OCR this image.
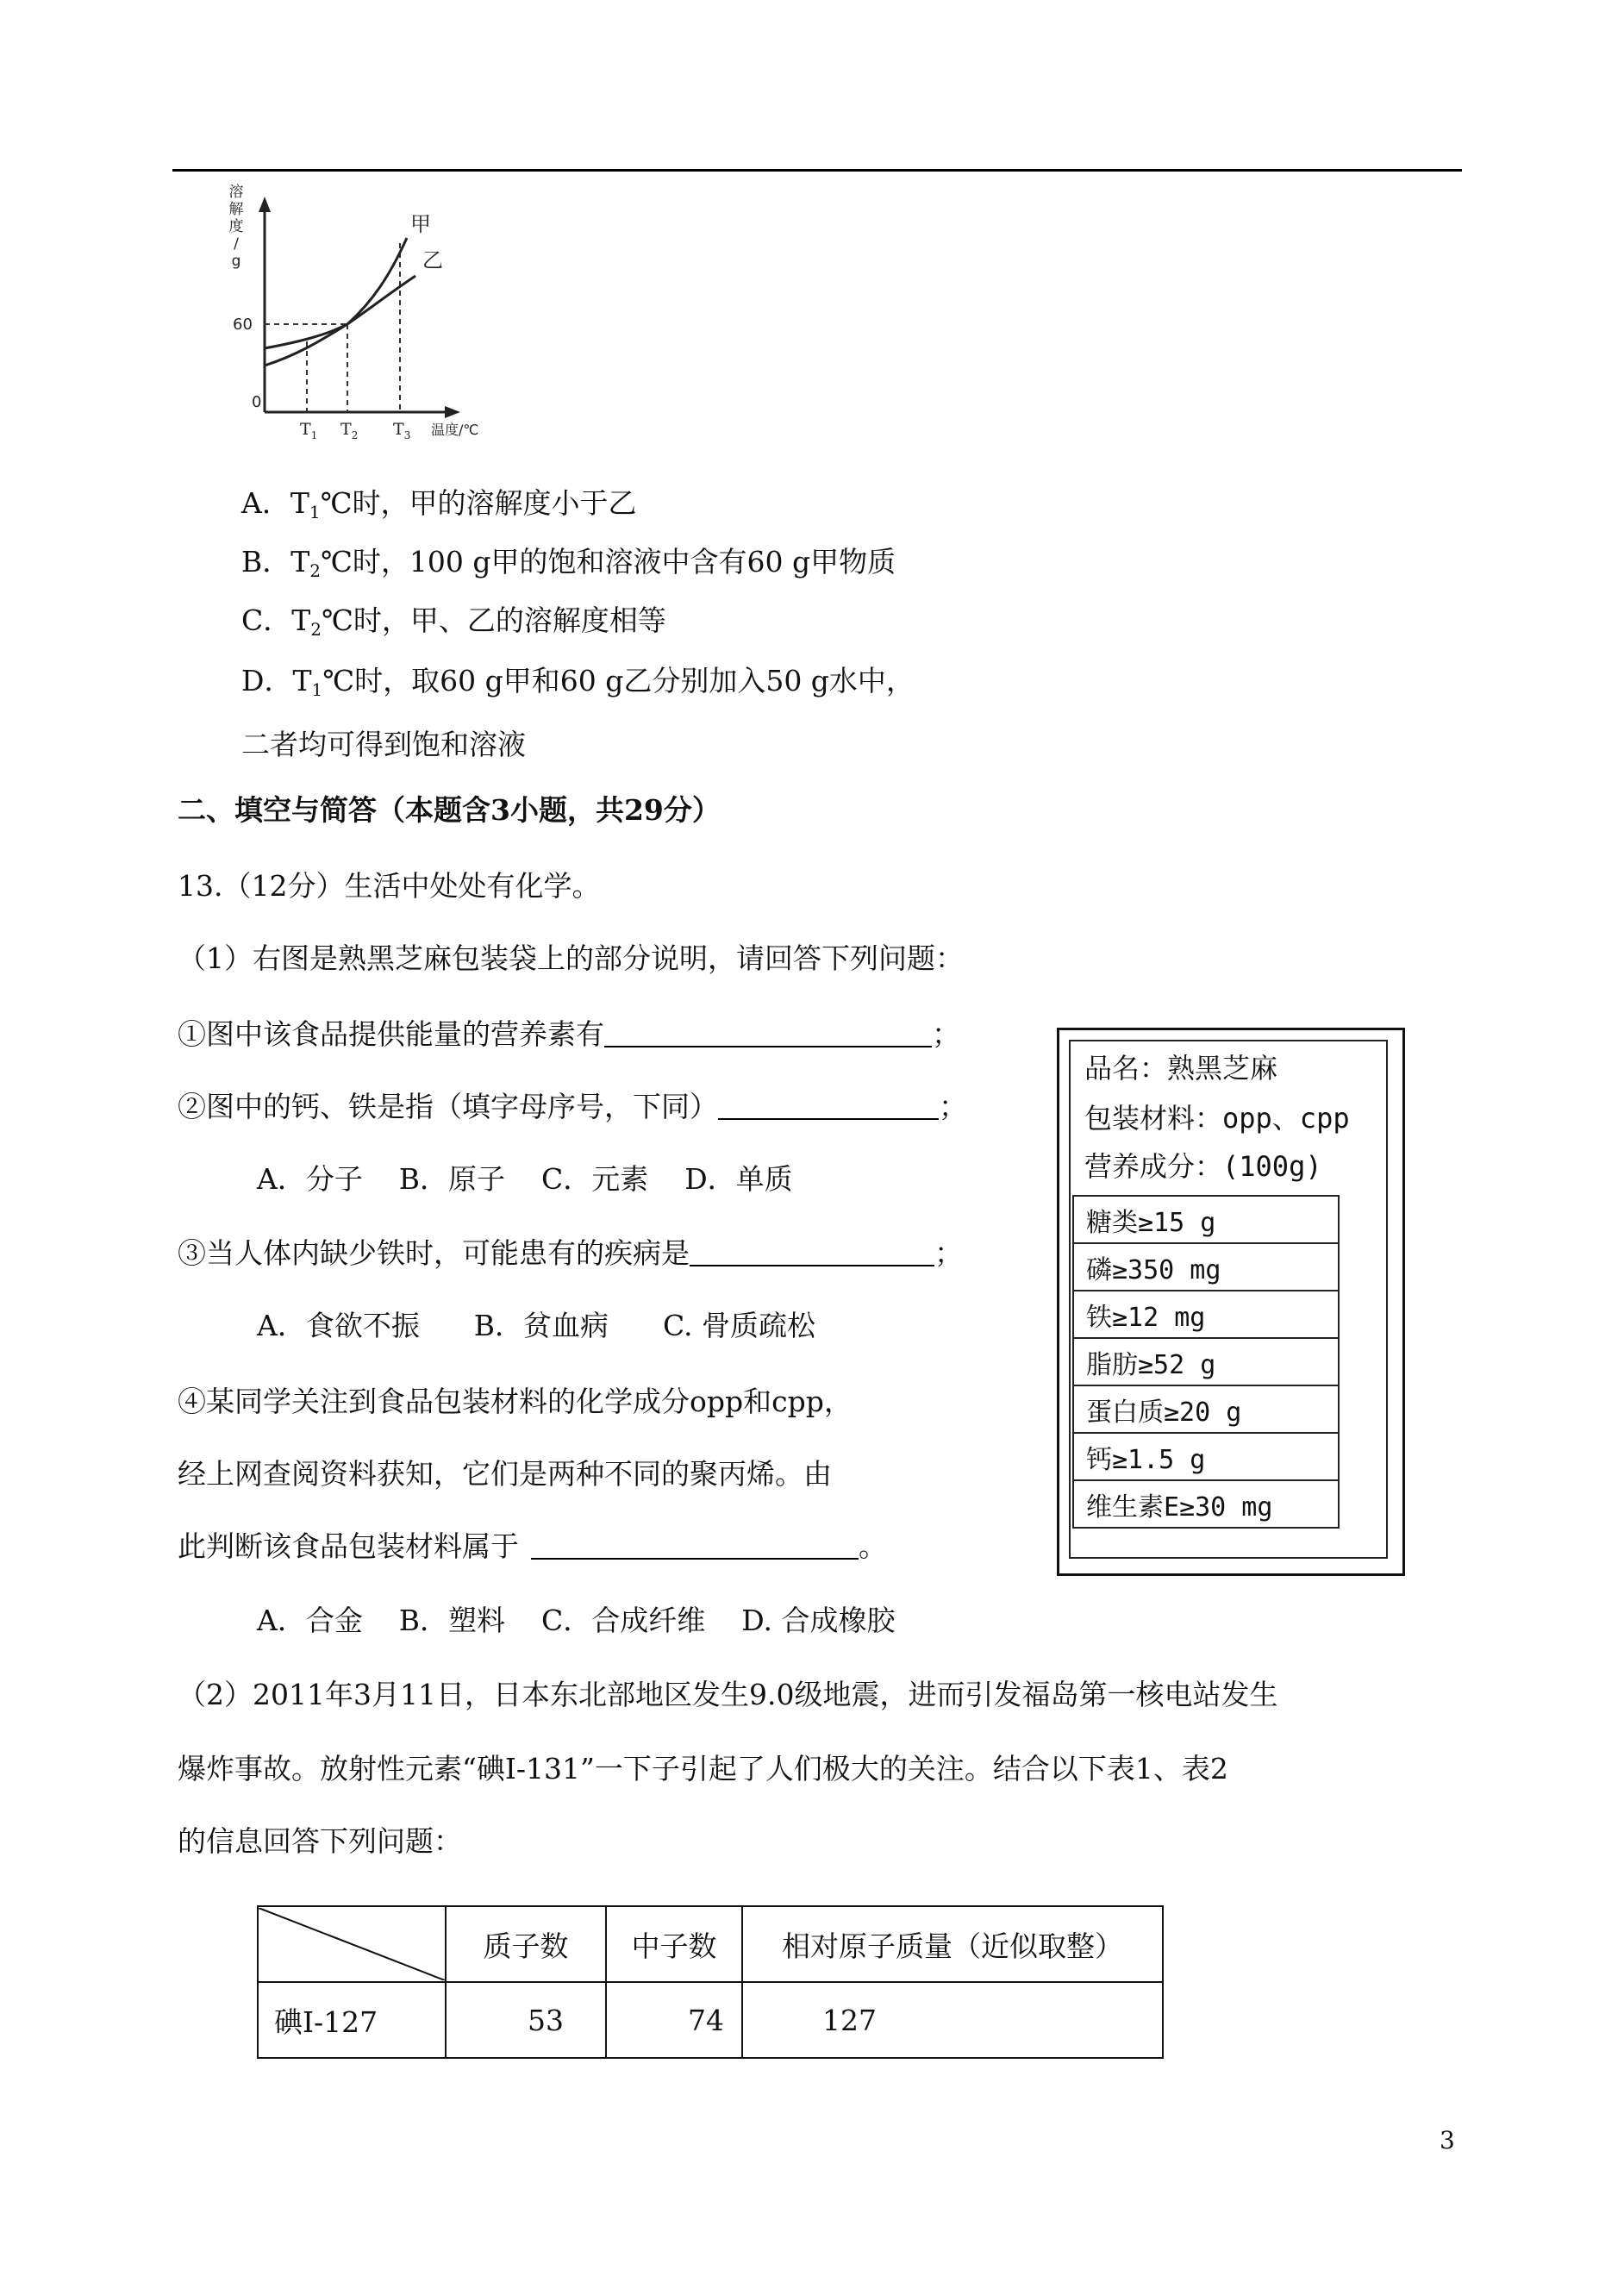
溶
解
度
/
g
0
60
甲
乙
$T_1$ $T_2$ $T_3$ 温度/℃
A．$T_1℃$时，甲的溶解度小于乙
B．$T_2℃$时，100 g甲的饱和溶液中含有60 g甲物质
C．$T_2℃$时，甲、乙的溶解度相等
D．$T_1℃$时，取60 g甲和60 g乙分别加入50 g水中，
二者均可得到饱和溶液
二、填空与简答（本题含3小题，共29分）
13.（12分）生活中处处有化学。
（1）右图是熟黑芝麻包装袋上的部分说明，请回答下列问题：
①图中该食品提供能量的营养素有	；
②图中的钙、铁是指（填字母序号，下同）	；
A．分子    B．原子    C．元素    D．单质
③当人体内缺少铁时，可能患有的疾病是	；
A．食欲不振      B．贫血病      C. 骨质疏松
④某同学关注到食品包装材料的化学成分opp和cpp，
经上网查阅资料获知，它们是两种不同的聚丙烯。由
此判断该食品包装材料属于	。
A．合金    B．塑料    C．合成纤维    D. 合成橡胶
品名：熟黑芝麻
包装材料：opp、cpp
营养成分：(100g)
糖类≥15 g
磷≥350 mg
铁≥12 mg
脂肪≥52 g
蛋白质≥20 g
钙≥1.5 g
维生素E≥30 mg
（2）2011年3月11日，日本东北部地区发生9.0级地震，进而引发福岛第一核电站发生
爆炸事故。放射性元素“碘I-131”一下子引起了人们极大的关注。结合以下表1、表2
的信息回答下列问题：
	质子数	中子数	相对原子质量（近似取整）
碘I-127	53	74	127
3
